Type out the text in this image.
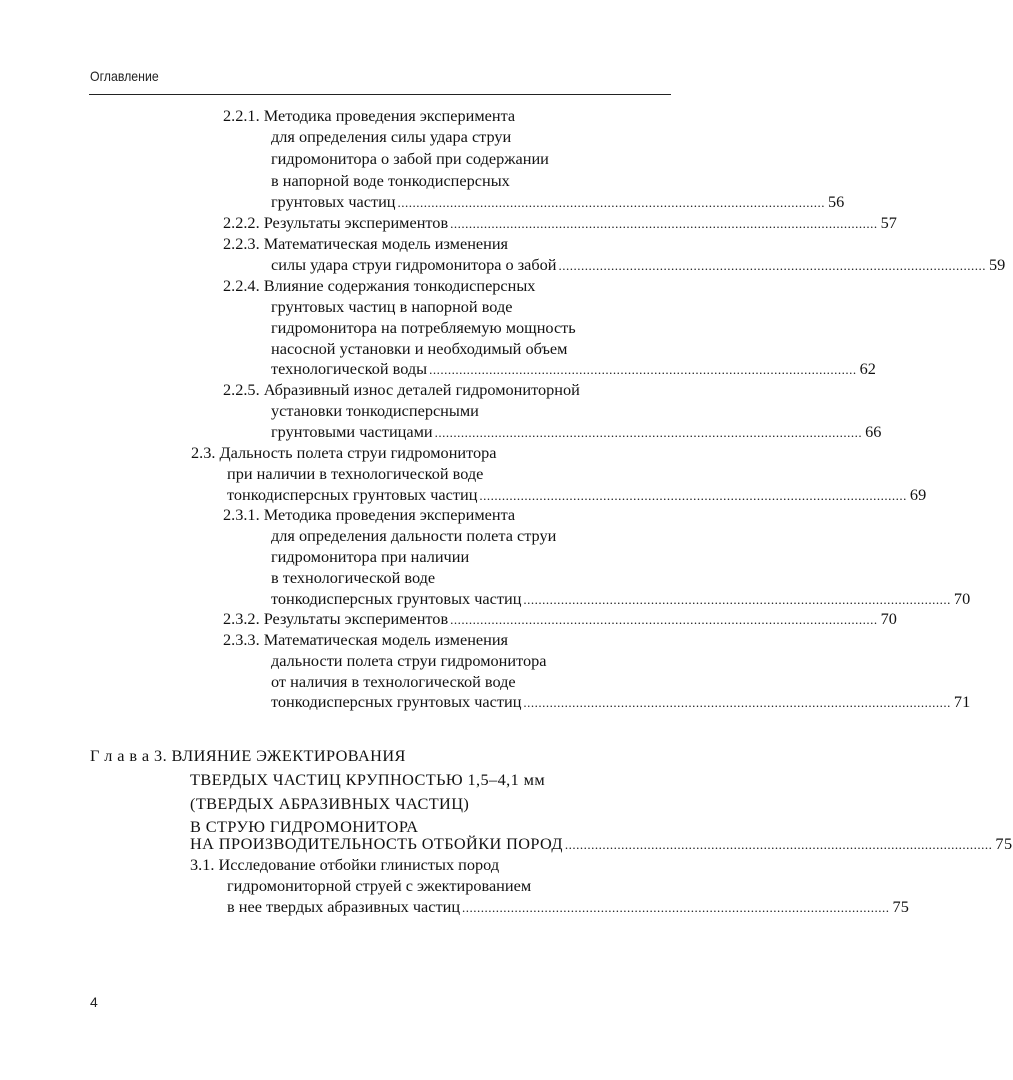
Оглавление
2.2.1. Методика проведения эксперимента
для определения силы удара струи
гидромонитора о забой при содержании
в напорной воде тонкодисперсных
грунтовых частиц .................................................................................................................. 56
2.2.2. Результаты экспериментов .................................................................................................................. 57
2.2.3. Математическая модель изменения
силы удара струи гидромонитора о забой .................................................................................................................. 59
2.2.4. Влияние содержания тонкодисперсных
грунтовых частиц в напорной воде
гидромонитора на потребляемую мощность
насосной установки и необходимый объем
технологической воды .................................................................................................................. 62
2.2.5. Абразивный износ деталей гидромониторной
установки тонкодисперсными
грунтовыми частицами .................................................................................................................. 66
2.3. Дальность полета струи гидромонитора
при наличии в технологической воде
тонкодисперсных грунтовых частиц .................................................................................................................. 69
2.3.1. Методика проведения эксперимента
для определения дальности полета струи
гидромонитора при наличии
в технологической воде
тонкодисперсных грунтовых частиц .................................................................................................................. 70
2.3.2. Результаты экспериментов .................................................................................................................. 70
2.3.3. Математическая модель изменения
дальности полета струи гидромонитора
от наличия в технологической воде
тонкодисперсных грунтовых частиц .................................................................................................................. 71
Г л а в а 3. ВЛИЯНИЕ ЭЖЕКТИРОВАНИЯ
ТВЕРДЫХ ЧАСТИЦ КРУПНОСТЬЮ 1,5–4,1 мм
(ТВЕРДЫХ АБРАЗИВНЫХ ЧАСТИЦ)
В СТРУЮ ГИДРОМОНИТОРА
НА ПРОИЗВОДИТЕЛЬНОСТЬ ОТБОЙКИ ПОРОД .................................................................................................................. 75
3.1. Исследование отбойки глинистых пород
гидромониторной струей с эжектированием
в нее твердых абразивных частиц .................................................................................................................. 75
4
